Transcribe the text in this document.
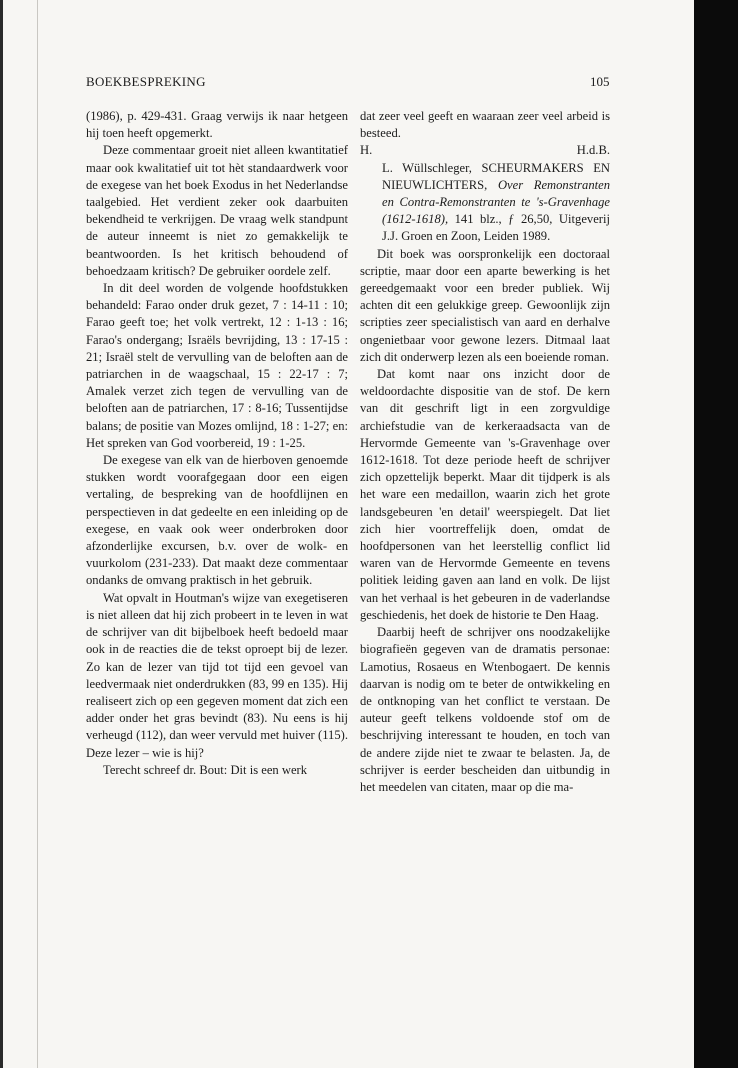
BOEKBESPREKING	105

(1986), p. 429-431. Graag verwijs ik naar hetgeen hij toen heeft opgemerkt.

Deze commentaar groeit niet alleen kwantitatief maar ook kwalitatief uit tot hèt standaardwerk voor de exegese van het boek Exodus in het Nederlandse taalgebied. Het verdient zeker ook daarbuiten bekendheid te verkrijgen. De vraag welk standpunt de auteur inneemt is niet zo gemakkelijk te beantwoorden. Is het kritisch behoudend of behoedzaam kritisch? De gebruiker oordele zelf.

In dit deel worden de volgende hoofdstukken behandeld: Farao onder druk gezet, 7 : 14-11 : 10; Farao geeft toe; het volk vertrekt, 12 : 1-13 : 16; Farao's ondergang; Israëls bevrijding, 13 : 17-15 : 21; Israël stelt de vervulling van de beloften aan de patriarchen in de waagschaal, 15 : 22-17 : 7; Amalek verzet zich tegen de vervulling van de beloften aan de patriarchen, 17 : 8-16; Tussentijdse balans; de positie van Mozes omlijnd, 18 : 1-27; en: Het spreken van God voorbereid, 19 : 1-25.

De exegese van elk van de hierboven genoemde stukken wordt voorafgegaan door een eigen vertaling, de bespreking van de hoofdlijnen en perspectieven in dat gedeelte en een inleiding op de exegese, en vaak ook weer onderbroken door afzonderlijke excursen, b.v. over de wolk- en vuurkolom (231-233). Dat maakt deze commentaar ondanks de omvang praktisch in het gebruik.

Wat opvalt in Houtman's wijze van exegetiseren is niet alleen dat hij zich probeert in te leven in wat de schrijver van dit bijbelboek heeft bedoeld maar ook in de reacties die de tekst oproept bij de lezer. Zo kan de lezer van tijd tot tijd een gevoel van leedvermaak niet onderdrukken (83, 99 en 135). Hij realiseert zich op een gegeven moment dat zich een adder onder het gras bevindt (83). Nu eens is hij verheugd (112), dan weer vervuld met huiver (115). Deze lezer – wie is hij?

Terecht schreef dr. Bout: Dit is een werk

dat zeer veel geeft en waaraan zeer veel arbeid is besteed.

H.	H.d.B.

L. Wüllschleger, SCHEURMAKERS EN NIEUWLICHTERS, Over Remonstranten en Contra-Remonstranten te 's-Gravenhage (1612-1618), 141 blz., ƒ 26,50, Uitgeverij J.J. Groen en Zoon, Leiden 1989.

Dit boek was oorspronkelijk een doctoraal scriptie, maar door een aparte bewerking is het gereedgemaakt voor een breder publiek. Wij achten dit een gelukkige greep. Gewoonlijk zijn scripties zeer specialistisch van aard en derhalve ongenietbaar voor gewone lezers. Ditmaal laat zich dit onderwerp lezen als een boeiende roman.

Dat komt naar ons inzicht door de weldoordachte dispositie van de stof. De kern van dit geschrift ligt in een zorgvuldige archiefstudie van de kerkeraadsacta van de Hervormde Gemeente van 's-Gravenhage over 1612-1618. Tot deze periode heeft de schrijver zich opzettelijk beperkt. Maar dit tijdperk is als het ware een medaillon, waarin zich het grote landsgebeuren 'en detail' weerspiegelt. Dat liet zich hier voortreffelijk doen, omdat de hoofdpersonen van het leerstellig conflict lid waren van de Hervormde Gemeente en tevens politiek leiding gaven aan land en volk. De lijst van het verhaal is het gebeuren in de vaderlandse geschiedenis, het doek de historie te Den Haag.

Daarbij heeft de schrijver ons noodzakelijke biografieën gegeven van de dramatis personae: Lamotius, Rosaeus en Wtenbogaert. De kennis daarvan is nodig om te beter de ontwikkeling en de ontknoping van het conflict te verstaan. De auteur geeft telkens voldoende stof om de beschrijving interessant te houden, en toch van de andere zijde niet te zwaar te belasten. Ja, de schrijver is eerder bescheiden dan uitbundig in het meedelen van citaten, maar op die ma-
